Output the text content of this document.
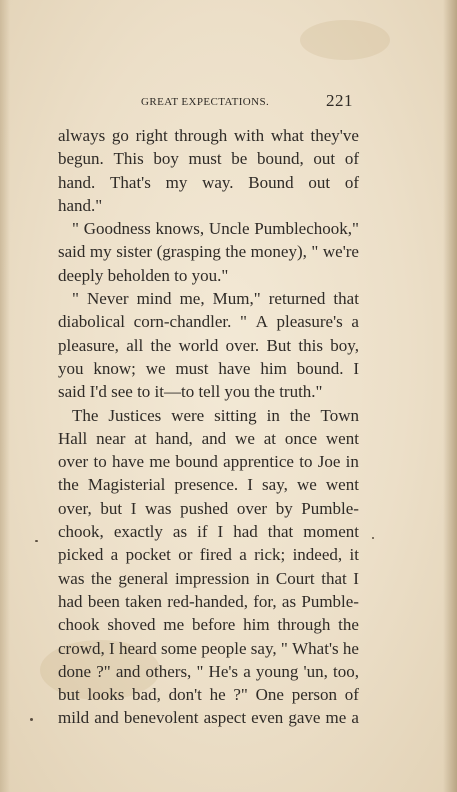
GREAT EXPECTATIONS.	221
always go right through with what they've
begun. This boy must be bound, out of
hand. That's my way. Bound out of
hand."
" Goodness knows, Uncle Pumblechook,"
said my sister (grasping the money), " we're
deeply beholden to you."
" Never mind me, Mum," returned that
diabolical corn-chandler. " A pleasure's a
pleasure, all the world over. But this boy,
you know; we must have him bound. I
said I'd see to it—to tell you the truth."
The Justices were sitting in the Town
Hall near at hand, and we at once went
over to have me bound apprentice to Joe in
the Magisterial presence. I say, we went
over, but I was pushed over by Pumble-
chook, exactly as if I had that moment
picked a pocket or fired a rick; indeed, it
was the general impression in Court that I
had been taken red-handed, for, as Pumble-
chook shoved me before him through the
crowd, I heard some people say, " What's he
done ?" and others, " He's a young 'un, too,
but looks bad, don't he ?" One person of
mild and benevolent aspect even gave me a
